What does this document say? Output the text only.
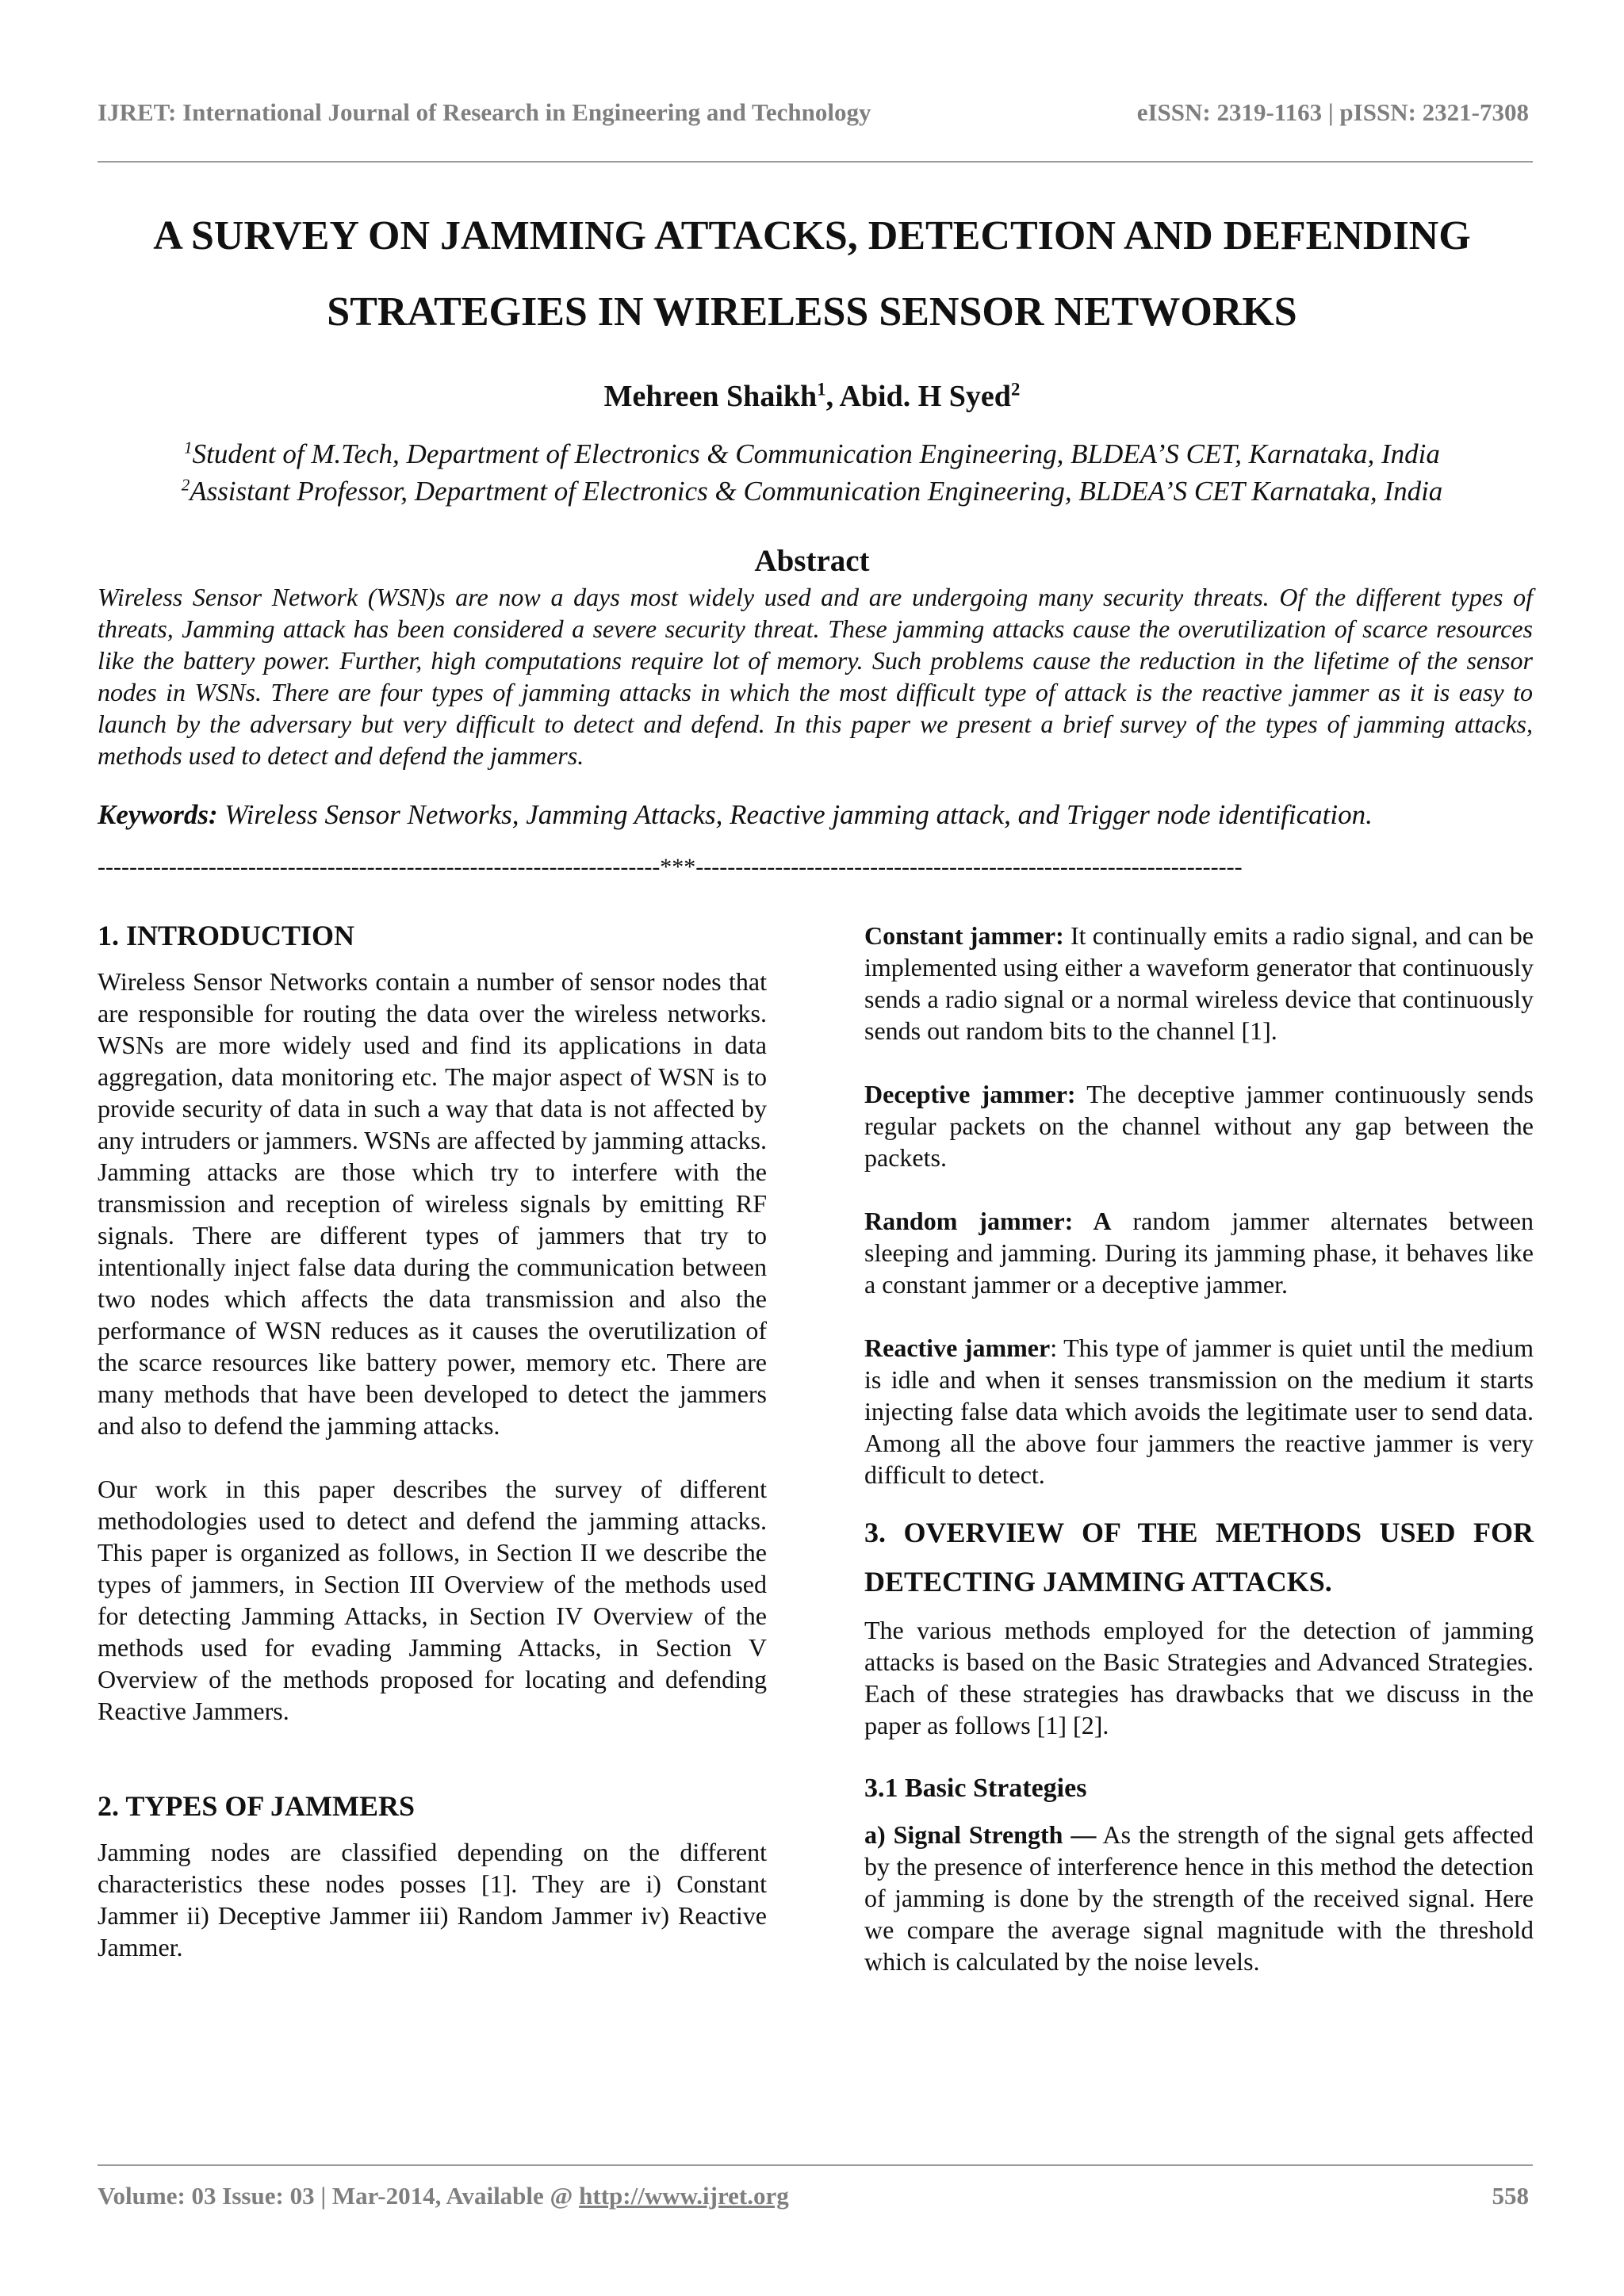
IJRET: International Journal of Research in Engineering and Technology	eISSN: 2319-1163 | pISSN: 2321-7308
A SURVEY ON JAMMING ATTACKS, DETECTION AND DEFENDING
STRATEGIES IN WIRELESS SENSOR NETWORKS
Mehreen Shaikh$^1$, Abid. H Syed$^2$
$^1$Student of M.Tech, Department of Electronics & Communication Engineering, BLDEA’S CET, Karnataka, India
$^2$Assistant Professor, Department of Electronics & Communication Engineering, BLDEA’S CET Karnataka, India
Abstract
Wireless Sensor Network (WSN)s are now a days most widely used and are undergoing many security threats. Of the different types of threats, Jamming attack has been considered a severe security threat. These jamming attacks cause the overutilization of scarce resources like the battery power. Further, high computations require lot of memory. Such problems cause the reduction in the lifetime of the sensor nodes in WSNs. There are four types of jamming attacks in which the most difficult type of attack is the reactive jammer as it is easy to launch by the adversary but very difficult to detect and defend. In this paper we present a brief survey of the types of jamming attacks, methods used to detect and defend the jammers.
Keywords: Wireless Sensor Networks, Jamming Attacks, Reactive jamming attack, and Trigger node identification.
-----------------------------------------------------------------------***---------------------------------------------------------------------
1. INTRODUCTION

Wireless Sensor Networks contain a number of sensor nodes that are responsible for routing the data over the wireless networks. WSNs are more widely used and find its applications in data aggregation, data monitoring etc. The major aspect of WSN is to provide security of data in such a way that data is not affected by any intruders or jammers. WSNs are affected by jamming attacks. Jamming attacks are those which try to interfere with the transmission and reception of wireless signals by emitting RF signals. There are different types of jammers that try to intentionally inject false data during the communication between two nodes which affects the data transmission and also the performance of WSN reduces as it causes the overutilization of the scarce resources like battery power, memory etc. There are many methods that have been developed to detect the jammers and also to defend the jamming attacks.

Our work in this paper describes the survey of different methodologies used to detect and defend the jamming attacks. This paper is organized as follows, in Section II we describe the types of jammers, in Section III Overview of the methods used for detecting Jamming Attacks, in Section IV Overview of the methods used for evading Jamming Attacks, in Section V Overview of the methods proposed for locating and defending Reactive Jammers.

2. TYPES OF JAMMERS

Jamming nodes are classified depending on the different characteristics these nodes posses [1]. They are i) Constant Jammer ii) Deceptive Jammer iii) Random Jammer iv) Reactive Jammer.

Constant jammer: It continually emits a radio signal, and can be implemented using either a waveform generator that continuously sends a radio signal or a normal wireless device that continuously sends out random bits to the channel [1].

Deceptive jammer: The deceptive jammer continuously sends regular packets on the channel without any gap between the packets.

Random jammer: A random jammer alternates between sleeping and jamming. During its jamming phase, it behaves like a constant jammer or a deceptive jammer.

Reactive jammer: This type of jammer is quiet until the medium is idle and when it senses transmission on the medium it starts injecting false data which avoids the legitimate user to send data. Among all the above four jammers the reactive jammer is very difficult to detect.

3. OVERVIEW OF THE METHODS USED FOR DETECTING JAMMING ATTACKS.

The various methods employed for the detection of jamming attacks is based on the Basic Strategies and Advanced Strategies. Each of these strategies has drawbacks that we discuss in the paper as follows [1] [2].

3.1 Basic Strategies

a) Signal Strength — As the strength of the signal gets affected by the presence of interference hence in this method the detection of jamming is done by the strength of the received signal. Here we compare the average signal magnitude with the threshold which is calculated by the noise levels.

Volume: 03 Issue: 03 | Mar-2014, Available @ http://www.ijret.org	558
